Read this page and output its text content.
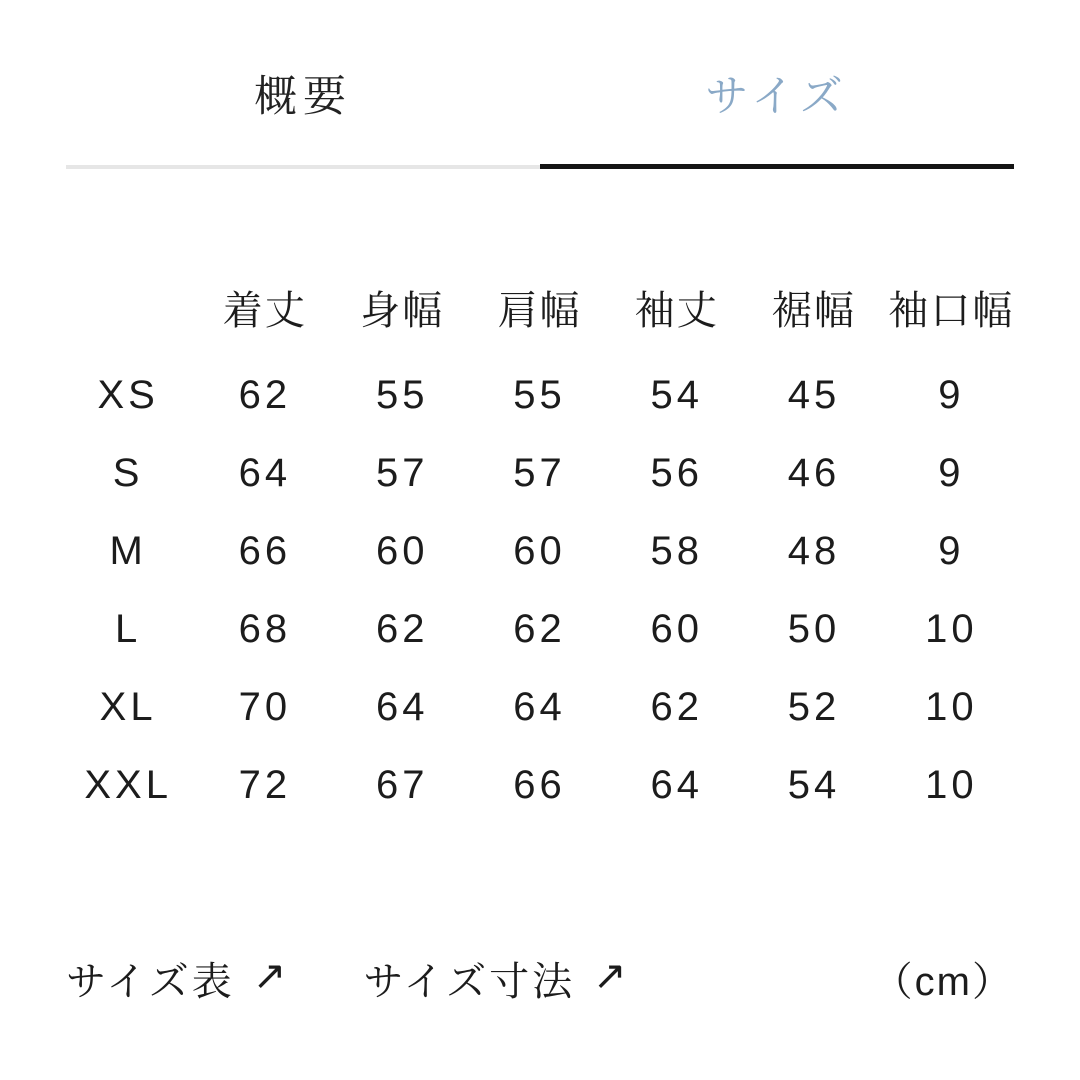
概要	サイズ
	着丈	身幅	肩幅	袖丈	裾幅	袖口幅
XS	62	55	55	54	45	9
S	64	57	57	56	46	9
M	66	60	60	58	48	9
L	68	62	62	60	50	10
XL	70	64	64	62	52	10
XXL	72	67	66	64	54	10
サイズ表 ↗ サイズ寸法 ↗	（cm）
